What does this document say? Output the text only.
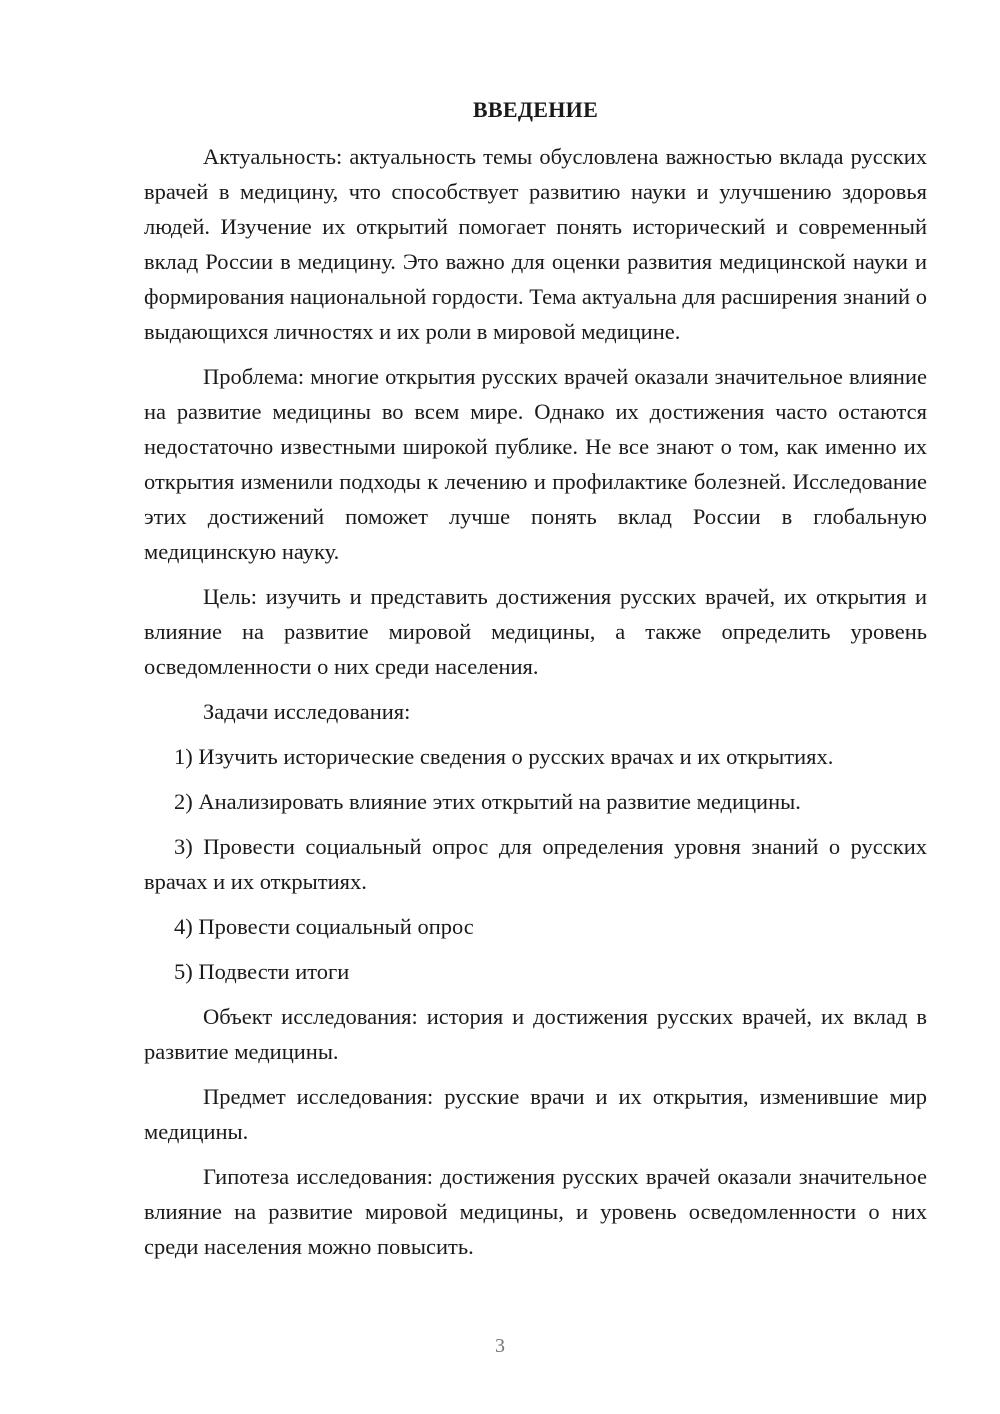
ВВЕДЕНИЕ

Актуальность: актуальность темы обусловлена важностью вклада русских врачей в медицину, что способствует развитию науки и улучшению здоровья людей. Изучение их открытий помогает понять исторический и современный вклад России в медицину. Это важно для оценки развития медицинской науки и формирования национальной гордости. Тема актуальна для расширения знаний о выдающихся личностях и их роли в мировой медицине.

Проблема: многие открытия русских врачей оказали значительное влияние на развитие медицины во всем мире. Однако их достижения часто остаются недостаточно известными широкой публике. Не все знают о том, как именно их открытия изменили подходы к лечению и профилактике болезней. Исследование этих достижений поможет лучше понять вклад России в глобальную медицинскую науку.

Цель: изучить и представить достижения русских врачей, их открытия и влияние на развитие мировой медицины, а также определить уровень осведомленности о них среди населения.

Задачи исследования:

1) Изучить исторические сведения о русских врачах и их открытиях.

2) Анализировать влияние этих открытий на развитие медицины.

3) Провести социальный опрос для определения уровня знаний о русских врачах и их открытиях.

4) Провести социальный опрос

5) Подвести итоги

Объект исследования: история и достижения русских врачей, их вклад в развитие медицины.

Предмет исследования: русские врачи и их открытия, изменившие мир медицины.

Гипотеза исследования: достижения русских врачей оказали значительное влияние на развитие мировой медицины, и уровень осведомленности о них среди населения можно повысить.

3
